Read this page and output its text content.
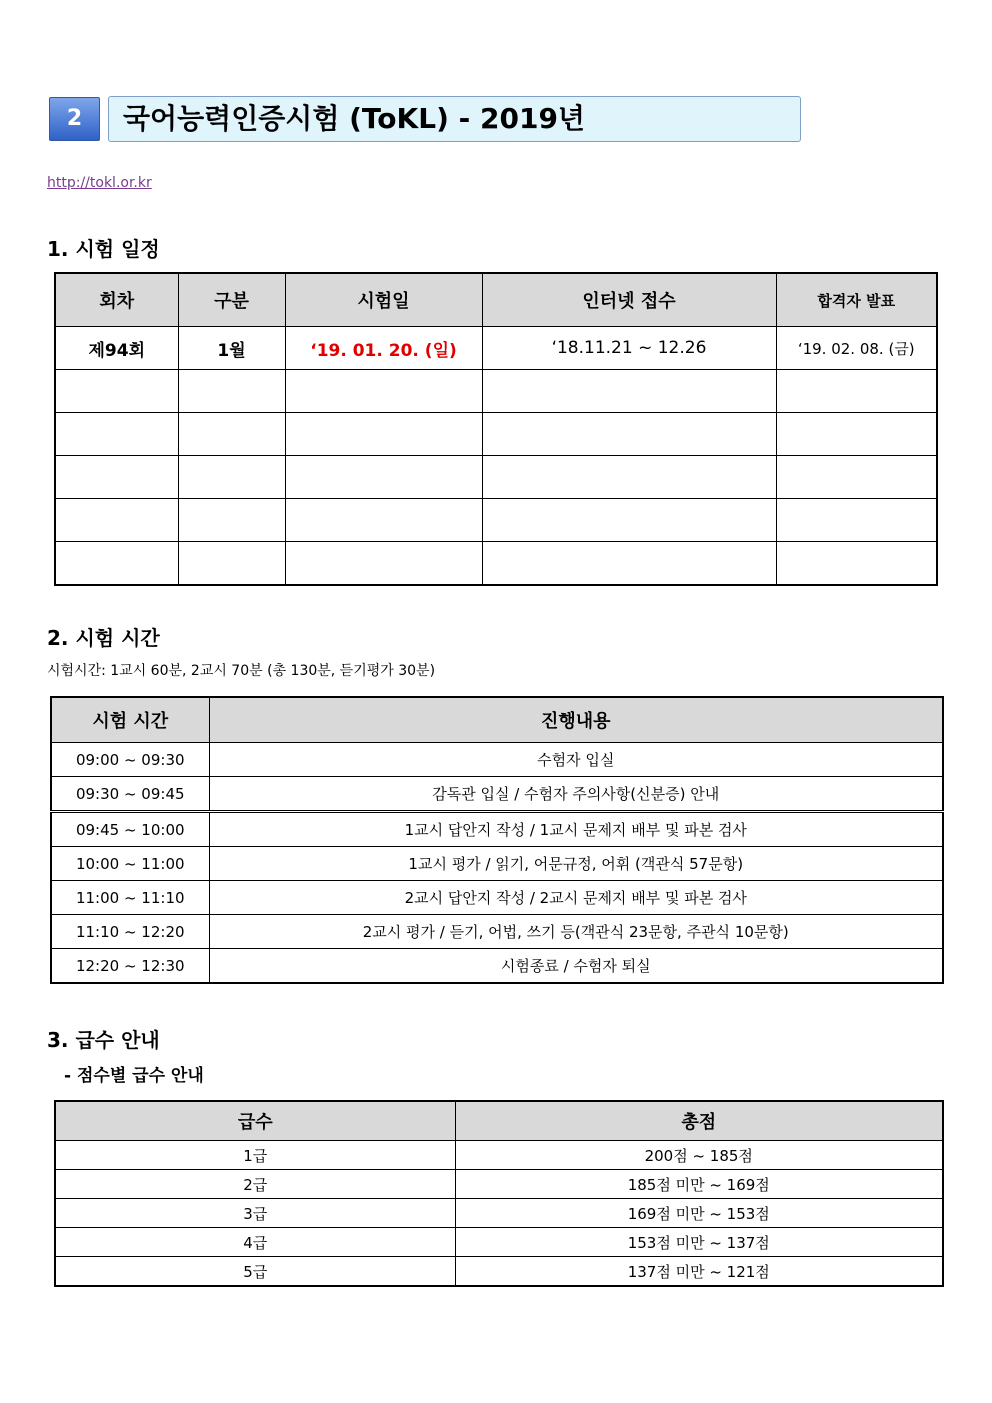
2	국어능력인증시험 (ToKL) - 2019년
http://tokl.or.kr
1. 시험 일정
회차	구분	시험일	인터넷 접수	합격자 발표
제94회	1월	‘19. 01. 20. (일)	‘18.11.21 ~ 12.26	‘19. 02. 08. (금)

2. 시험 시간
시험시간: 1교시 60분, 2교시 70분 (총 130분, 듣기평가 30분)
시험 시간	진행내용
09:00 ~ 09:30	수험자 입실
09:30 ~ 09:45	감독관 입실 / 수험자 주의사항(신분증) 안내
09:45 ~ 10:00	1교시 답안지 작성 / 1교시 문제지 배부 및 파본 검사
10:00 ~ 11:00	1교시 평가 / 읽기, 어문규정, 어휘 (객관식 57문항)
11:00 ~ 11:10	2교시 답안지 작성 / 2교시 문제지 배부 및 파본 검사
11:10 ~ 12:20	2교시 평가 / 듣기, 어법, 쓰기 등(객관식 23문항, 주관식 10문항)
12:20 ~ 12:30	시험종료 / 수험자 퇴실
3. 급수 안내
- 점수별 급수 안내
급수	총점
1급	200점 ~ 185점
2급	185점 미만 ~ 169점
3급	169점 미만 ~ 153점
4급	153점 미만 ~ 137점
5급	137점 미만 ~ 121점
